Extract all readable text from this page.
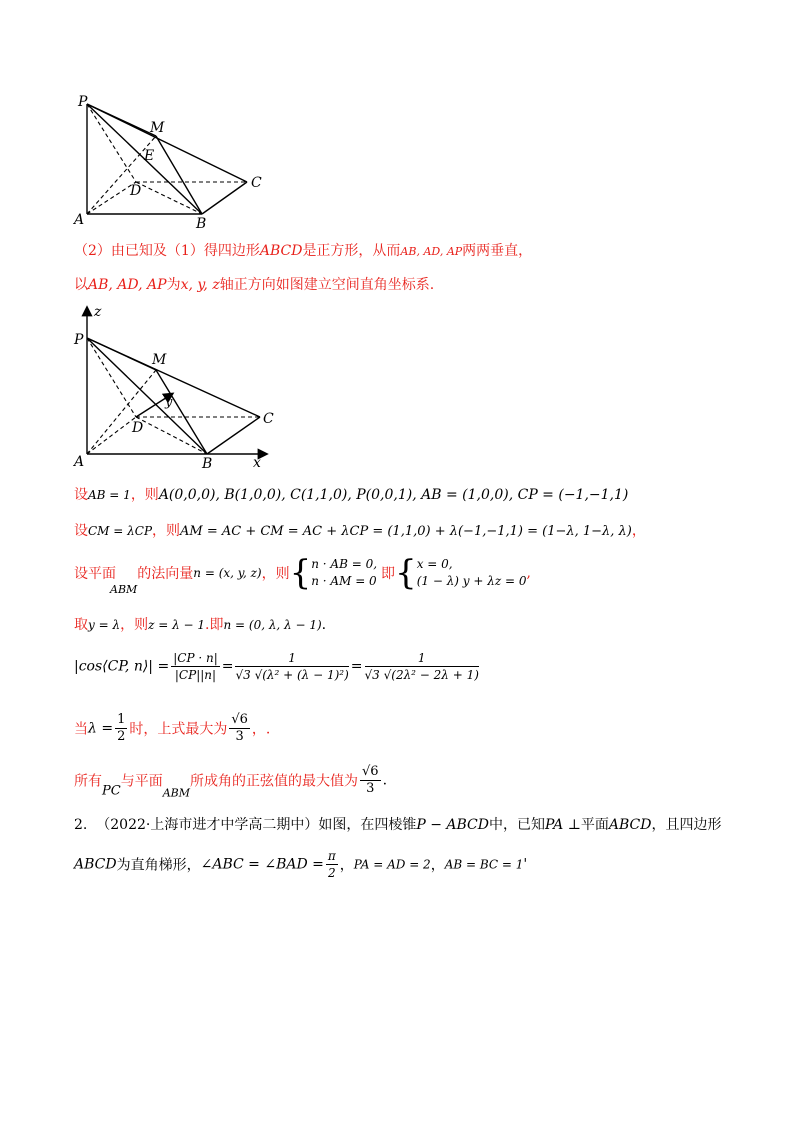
P
M
E
D	C
A	B
（2）由已知及（1）得四边形ABCD是正方形，从而AB, AD, AP两两垂直，
以AB, AD, AP为x, y, z轴正方向如图建立空间直角坐标系.
z
P
M
y
D
C
A	B	x
设AB = 1，则A(0,0,0), B(1,0,0), C(1,1,0), P(0,0,1), AB = (1,0,0), CP = (−1,−1,1)
设CM = λCP，则AM = AC + CM = AC + λCP = (1,1,0) + λ(−1,−1,1) = (1−λ, 1−λ, λ)，
设平面$_{ABM}$的法向量n = (x, y, z)，则{ n · AB = 0,
n · AM = 0 即{ x = 0,
(1 − λ) y + λz = 0 ,
取y = λ，则z = λ − 1.即n = (0, λ, λ − 1).
|cos⟨CP, n⟩| = $\frac{|CP \cdot n|}{|CP||n|} = \frac{1}{\text{√3 √(λ² + (λ − 1)²)}} = \frac{1}{\text{√3 √(2λ² − 2λ + 1)}}$
当$\lambda = \frac{1}{2}$ 时，上式最大为 $\frac{√6}{3}$ ，.
所有PC与平面$_{ABM}$所成角的正弦值的最大值为 $\frac{√6}{3}$ .
2. （2022·上海市进才中学高二期中）如图，在四棱锥P − ABCD中，已知PA ⊥平面ABCD，且四边形
ABCD为直角梯形，∠ABC = ∠BAD = $\frac{\pi}{2}$ ，PA = AD = 2，AB = BC = 1'
